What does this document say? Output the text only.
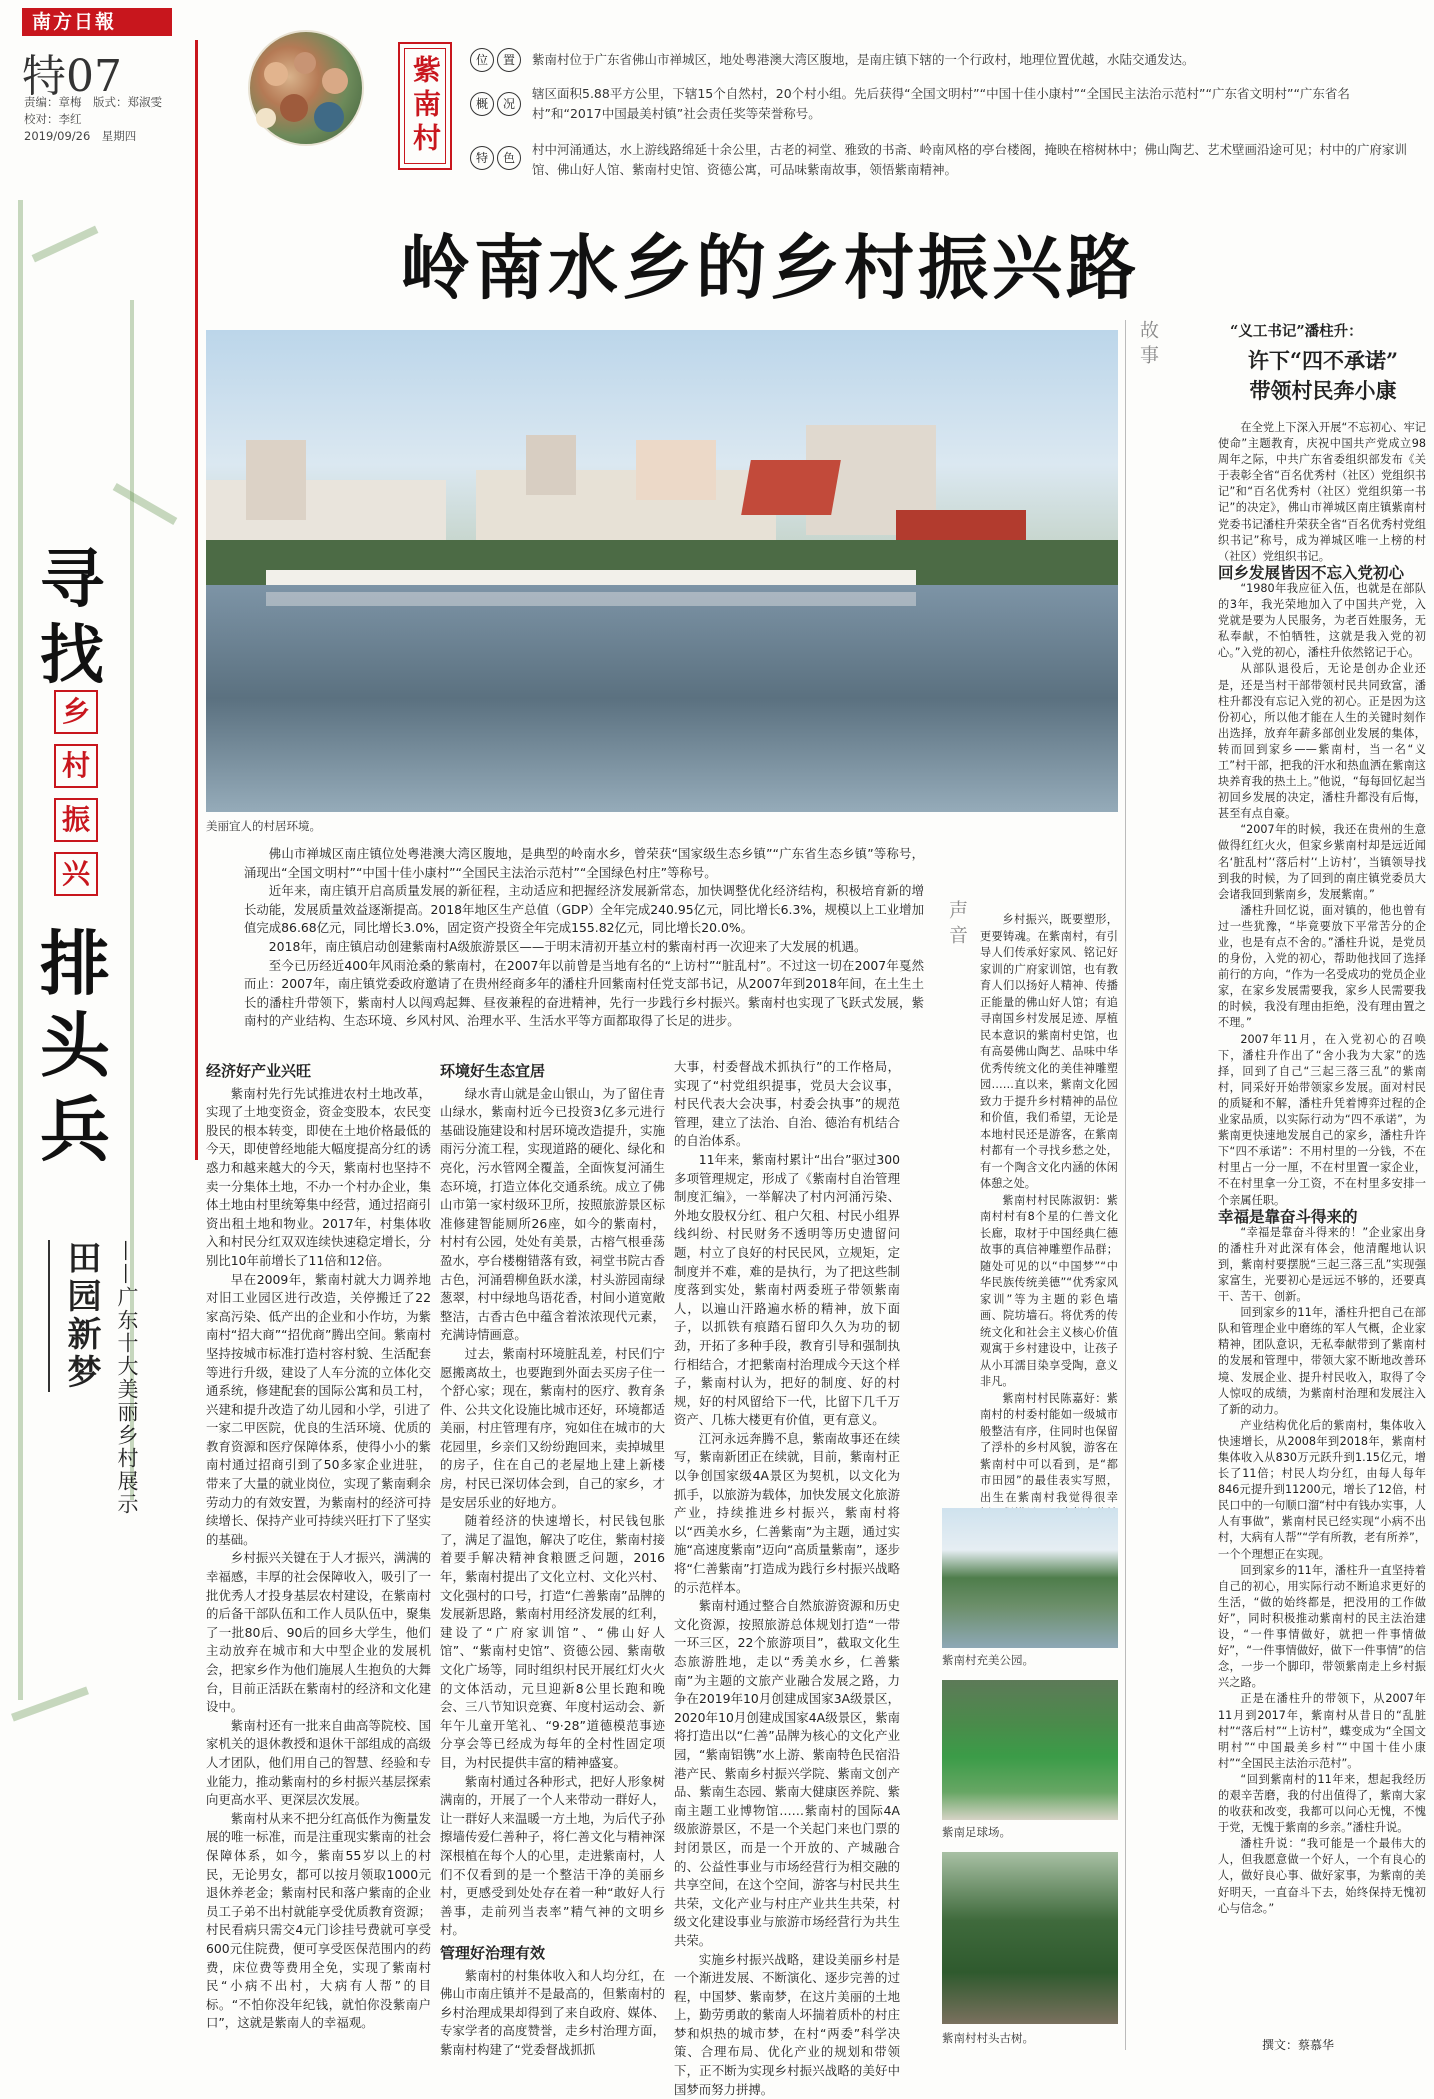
南方日報
特07
责编：章梅　版式：郑淑雯
校对：李红
2019/09/26　星期四	紫南村	位	置	紫南村位于广东省佛山市禅城区，地处粤港澳大湾区腹地，是南庄镇下辖的一个行政村，地理位置优越，水陆交通发达。
概	况
辖区面积5.88平方公里，下辖15个自然村，20个村小组。先后获得“全国文明村”“中国十佳小康村”“全国民主法治示范村”“广东省文明村”“广东省名村”和“2017中国最美村镇”社会责任奖等荣誉称号。
特	色
村中河涌通达，水上游线路绵延十余公里，古老的祠堂、雅致的书斋、岭南风格的亭台楼阁，掩映在榕树林中；佛山陶艺、艺术壁画沿途可见；村中的广府家训馆、佛山好人馆、紫南村史馆、资德公寓，可品味紫南故事，领悟紫南精神。
岭南水乡的乡村振兴路
寻
找
乡
村
振
兴
排
头
兵
田园新梦 ——广东十大美丽乡村展示
美丽宜人的村居环境。

佛山市禅城区南庄镇位处粤港澳大湾区腹地，是典型的岭南水乡，曾荣获“国家级生态乡镇”“广东省生态乡镇”等称号，涌现出“全国文明村”“中国十佳小康村”“全国民主法治示范村”“全国绿色村庄”等称号。

近年来，南庄镇开启高质量发展的新征程，主动适应和把握经济发展新常态，加快调整优化经济结构，积极培育新的增长动能，发展质量效益逐渐提高。2018年地区生产总值（GDP）全年完成240.95亿元，同比增长6.3%，规模以上工业增加值完成86.68亿元，同比增长3.0%，固定资产投资全年完成155.82亿元，同比增长20.0%。

2018年，南庄镇启动创建紫南村A级旅游景区——于明末清初开基立村的紫南村再一次迎来了大发展的机遇。

至今已历经近400年风雨沧桑的紫南村，在2007年以前曾是当地有名的“上访村”“脏乱村”。不过这一切在2007年戛然而止：2007年，南庄镇党委政府邀请了在贵州经商多年的潘柱升回紫南村任党支部书记，从2007年到2018年间，在土生土长的潘柱升带领下，紫南村人以闯鸡起舞、昼夜兼程的奋进精神，先行一步践行乡村振兴。紫南村也实现了飞跃式发展，紫南村的产业结构、生态环境、乡风村风、治理水平、生活水平等方面都取得了长足的进步。

经济好产业兴旺

紫南村先行先试推进农村土地改革，实现了土地变资金，资金变股本，农民变股民的根本转变，即使在土地价格最低的今天，即使曾经地能大幅度提高分红的诱惑力和越来越大的今天，紫南村也坚持不卖一分集体土地，不办一个村办企业，集体土地由村里统筹集中经营，通过招商引资出租土地和物业。2017年，村集体收入和村民分红双双连续快速稳定增长，分别比10年前增长了11倍和12倍。

早在2009年，紫南村就大力调养地对旧工业园区进行改造，关停搬迁了22家高污染、低产出的企业和小作坊，为紫南村“招大商”“招优商”腾出空间。紫南村坚持按城市标准打造村容村貌、生活配套等进行升级，建设了人车分流的立体化交通系统，修建配套的国际公寓和员工村，兴建和提升改造了幼儿园和小学，引进了一家二甲医院，优良的生活环境、优质的教育资源和医疗保障体系，使得小小的紫南村通过招商引到了50多家企业进驻，带来了大量的就业岗位，实现了紫南剩余劳动力的有效安置，为紫南村的经济可持续增长、保持产业可持续兴旺打下了坚实的基础。

乡村振兴关键在于人才振兴，满满的幸福感，丰厚的社会保障收入，吸引了一批优秀人才投身基层农村建设，在紫南村的后备干部队伍和工作人员队伍中，聚集了一批80后、90后的回乡大学生，他们主动放弃在城市和大中型企业的发展机会，把家乡作为他们施展人生抱负的大舞台，目前正活跃在紫南村的经济和文化建设中。

紫南村还有一批来自曲高等院校、国家机关的退休教授和退休干部组成的高级人才团队，他们用自己的智慧、经验和专业能力，推动紫南村的乡村振兴基层探索向更高水平、更深层次发展。

紫南村从来不把分红高低作为衡量发展的唯一标准，而是注重现实紫南的社会保障体系，如今，紫南55岁以上的村民，无论男女，都可以按月领取1000元退休养老金；紫南村民和落户紫南的企业员工子弟不出村就能享受优质教育资源；村民看病只需交4元门诊挂号费就可享受600元住院费，便可享受医保范围内的药费，床位费等费用全免，实现了紫南村民“小病不出村，大病有人帮”的目标。“不怕你没年纪钱，就怕你没紫南户口”，这就是紫南人的幸福观。

环境好生态宜居

绿水青山就是金山银山，为了留住青山绿水，紫南村近今已投资3亿多元进行基础设施建设和村居环境改造提升，实施雨污分流工程，实现道路的硬化、绿化和亮化，污水管网全覆盖，全面恢复河涌生态环境，打造立体化交通系统。成立了佛山市第一家村级环卫所，按照旅游景区标准修建智能厕所26座，如今的紫南村，村村有公园，处处有美景，古榕气根垂荡盈水，亭台楼榭错落有致，祠堂书院古香古色，河涌碧柳鱼跃水漾，村头游园南绿葱翠，村中绿地鸟语花香，村间小道宽敞整洁，古香古色中蕴含着浓浓现代元素，充满诗情画意。

过去，紫南村环境脏乱差，村民们宁愿搬离故土，也要跑到外面去买房子住一个舒心家；现在，紫南村的医疗、教育条件、公共文化设施比城市还好，环境都适美丽，村庄管理有序，宛如住在城市的大花园里，乡亲们又纷纷跑回来，卖掉城里的房子，住在自己的老屋地上建上新楼房，村民已深切体会到，自己的家乡，才是安居乐业的好地方。

随着经济的快速增长，村民钱包胀了，满足了温饱，解决了吃住，紫南村接着要手解决精神食粮匮乏问题，2016年，紫南村提出了文化立村、文化兴村、文化强村的口号，打造“仁善紫南”品牌的发展新思路，紫南村用经济发展的红利，建设了“广府家训馆”、“佛山好人馆”、“紫南村史馆”、资德公园、紫南敬文化广场等，同时组织村民开展红灯火火的文体活动，元旦迎新8公里长跑和晚会、三八节知识竞赛、年度村运动会、新年午儿童开笔礼、“9·28”道德模范事迹分享会等已经成为每年的全村性固定项目，为村民提供丰富的精神盛宴。

紫南村通过各种形式，把好人形象树满南的，开展了一个人来带动一群好人，让一群好人来温暖一方土地，为后代子孙擦墙传爱仁善种子，将仁善文化与精神深深根植在每个人的心里，走进紫南村，人们不仅看到的是一个整洁干净的美丽乡村，更感受到处处存在着一种“敢好人行善事，走前列当表率”精气神的文明乡村。

管理好治理有效

紫南村的村集体收入和人均分红，在佛山市南庄镇并不是最高的，但紫南村的乡村治理成果却得到了来自政府、媒体、专家学者的高度赞誉，走乡村治理方面，紫南村构建了“党委督战抓抓

大事，村委督战术抓执行”的工作格局，实现了“村党组织提事，党员大会议事，村民代表大会决事，村委会执事”的规范管理，建立了法治、自治、德治有机结合的自治体系。

11年来，紫南村累计“出台”驱过300多项管理规定，形成了《紫南村自治管理制度汇编》，一举解决了村内河涌污染、外地女股权分红、租户欠租、村民小组界线纠纷、村民财务不透明等历史遗留问题，村立了良好的村民民风，立规矩，定制度并不难，难的是执行，为了把这些制度落到实处，紫南村两委班子带领紫南人，以遍山汗路遍水桥的精神，放下面子，以抓铁有痕踏石留印久久为功的韧劲，开拓了多种手段，教育引导和强制执行相结合，才把紫南村治理成今天这个样子，紫南村认为，把好的制度、好的村规，好的村风留给下一代，比留下几千万资产、几栋大楼更有价值，更有意义。

江河永远奔腾不息，紫南故事还在续写，紫南新团正在续就，目前，紫南村正以争创国家级4A景区为契机，以文化为抓手，以旅游为载体，加快发展文化旅游产业，持续推进乡村振兴，紫南村将以“西美水乡，仁善紫南”为主题，通过实施“高速度紫南”迈向“高质量紫南”，逐步将“仁善紫南”打造成为践行乡村振兴战略的示范样本。

紫南村通过整合自然旅游资源和历史文化资源，按照旅游总体规划打造“一带一环三区，22个旅游项目”，截取文化生态旅游胜地，走以“秀美水乡，仁善紫南”为主题的文旅产业融合发展之路，力争在2019年10月创建成国家3A级景区，2020年10月创建成国家4A级景区，紫南将打造出以“仁善”品牌为核心的文化产业园，“紫南铝镌”水上游、紫南特色民宿沿港产民、紫南乡村振兴学院、紫南文创产品、紫南生态园、紫南大健康医养院、紫南主题工业博物馆……紫南村的国际4A级旅游景区，不是一个关起门来也门票的封闭景区，而是一个开放的、产城融合的、公益性事业与市场经营行为相交融的共享空间，在这个空间，游客与村民共生共荣，文化产业与村庄产业共生共荣，村级文化建设事业与旅游市场经营行为共生共荣。

实施乡村振兴战略，建设美丽乡村是一个渐进发展、不断演化、逐步完善的过程，中国梦、紫南梦，在这片美丽的土地上，勤劳勇敢的紫南人坏揣着质朴的村庄梦和炽热的城市梦，在村“两委”科学决策、合理布局、优化产业的规划和带领下，正不断为实现乡村振兴战略的美好中国梦而努力拼搏。

故事
声音	乡村振兴，既要塑形，更要铸魂。在紫南村，有引导人们传承好家风、铭记好家训的广府家训馆，也有教育人们以扬好人精神、传播正能量的佛山好人馆；有追寻南国乡村发展足迹、厚植民本意识的紫南村史馆，也有高晏佛山陶艺、品味中华优秀传统文化的美佳神雕塑园……直以来，紫南文化园致力于提升乡村精神的品位和价值，我们希望，无论是本地村民还是游客，在紫南村都有一个寻找乡愁之处，有一个陶含文化内涵的休闲体憩之处。

紫南村村民陈淑钥：紫南村村有8个星的仁善文化长廊，取材于中国经典仁德故事的真信神雕塑作品群；随处可见的以“中国梦”“中华民族传统美德”“优秀家风家训”等为主题的彩色墙画、院坊墙石。将优秀的传统文化和社会主义核心价值观寓于乡村建设中，让孩子从小耳濡目染享受陶，意义非凡。

紫南村村民陈嘉好：紫南村的村委村能如一级城市般整洁有序，住同时也保留了浮朴的乡村风貌，游客在紫南村中可以看到，是“都市田园”的最佳表实写照，出生在紫南村我觉得很幸

紫南村充美公园。
紫南足球场。
紫南村村头古树。
“义工书记”潘柱升：
许下“四不承诺”
带领村民奔小康

在全党上下深入开展“不忘初心、牢记使命”主题教育，庆祝中国共产党成立98周年之际，中共广东省委组织部发布《关于表彰全省“百名优秀村（社区）党组织书记”和“百名优秀村（社区）党组织第一书记”的决定》，佛山市禅城区南庄镇紫南村党委书记潘柱升荣获全省“百名优秀村党组织书记”称号，成为禅城区唯一上榜的村（社区）党组织书记。

回乡发展皆因不忘入党初心

“1980年我应征入伍，也就是在部队的3年，我光荣地加入了中国共产党，入党就是要为人民服务，为老百姓服务，无私奉献，不怕牺牲，这就是我入党的初心。”入党的初心，潘柱升依然铭记于心。

从部队退役后，无论是创办企业还是，还是当村干部带领村民共同致富，潘柱升都没有忘记入党的初心。正是因为这份初心，所以他才能在人生的关键时刻作出选择，放弃年薪多部创业发展的集体，转而回到家乡——紫南村，当一名“义工”村干部，把我的汗水和热血洒在紫南这块养育我的热土上。”他说，“每每回忆起当初回乡发展的决定，潘柱升都没有后悔，甚至有点自豪。

“2007年的时候，我还在贵州的生意做得红红火火，但家乡紫南村却是远近闻名‘脏乱村’‘落后村’‘上访村’，当镇领导找到我的时候，为了回到的南庄镇党委员大会诸我回到紫南乡，发展紫南。”

潘柱升回忆说，面对镇的，他也曾有过一些犹豫，“毕竟要放下平常苦分的企业，也是有点不舍的。”潘柱升说，是党员的身份，入党的初心，帮助他找回了选择前行的方向，“作为一名受成功的党员企业家，在家乡发展需要我，家乡人民需要我的时候，我没有理由拒绝，没有理由置之不理。”

2007年11月，在入党初心的召唤下，潘柱升作出了“舍小我为大家”的选择，回到了自己“三起三落三乱”的紫南村，同采好开始带领家乡发展。面对村民的质疑和不解，潘柱升凭着博弈过程的企业家品质，以实际行动为“四不承诺”，为紫南更快速地发展自己的家乡，潘柱升许下“四不承诺”：不用村里的一分钱，不在村里占一分一厘，不在村里置一家企业，不在村里拿一分工资，不在村里多安排一个亲属任职。

幸福是靠奋斗得来的

“幸福是靠奋斗得来的！”企业家出身的潘柱升对此深有体会，他清醒地认识到，紫南村要摆脱“三起三落三乱”实现强家富生，光要初心是远远不够的，还要真干、苦干、创新。

回到家乡的11年，潘柱升把自己在部队和管理企业中磨练的军人气概，企业家精神，团队意识，无私奉献带到了紫南村的发展和管理中，带领大家不断地改善环境、发展企业、提升村民收入，取得了令人惊叹的成绩，为紫南村治理和发展注入了新的动力。

产业结构优化后的紫南村，集体收入快速增长，从2008年到2018年，紫南村集体收入从830万元跃升到1.15亿元，增长了11倍；村民人均分红，由每人每年846元提升到11200元，增长了12倍，村民口中的一句顺口溜“村中有钱办实事，人人有事做”，紫南村民已经实现“小病不出村，大病有人帮”“学有所教，老有所养”，一个个理想正在实现。

回到家乡的11年，潘柱升一直坚持着自己的初心，用实际行动不断追求更好的生活，“做的始终都是，把没用的工作做好”，同时积极推动紫南村的民主法治建设，“一件事情做好，就把一件事情做好”，“一件事情做好，做下一件事情”的信念，一步一个脚印，带领紫南走上乡村振兴之路。

正是在潘柱升的带领下，从2007年11月到2017年，紫南村从昔日的“乱脏村”“落后村”“上访村”，蝶变成为“全国文明村”“中国最美乡村”“中国十佳小康村”“全国民主法治示范村”。

“回到紫南村的11年来，想起我经历的艰辛苦磨，我的付出值得了，紫南大家的收获和改变，我都可以问心无愧，不愧于党，无愧于紫南的乡亲。”潘柱升说。

潘柱升说：“我可能是一个最伟大的人，但我愿意做一个好人，一个有良心的人，做好良心事、做好家事，为紫南的美好明天，一直奋斗下去，始终保持无愧初心与信念。”

撰文：蔡慕华
